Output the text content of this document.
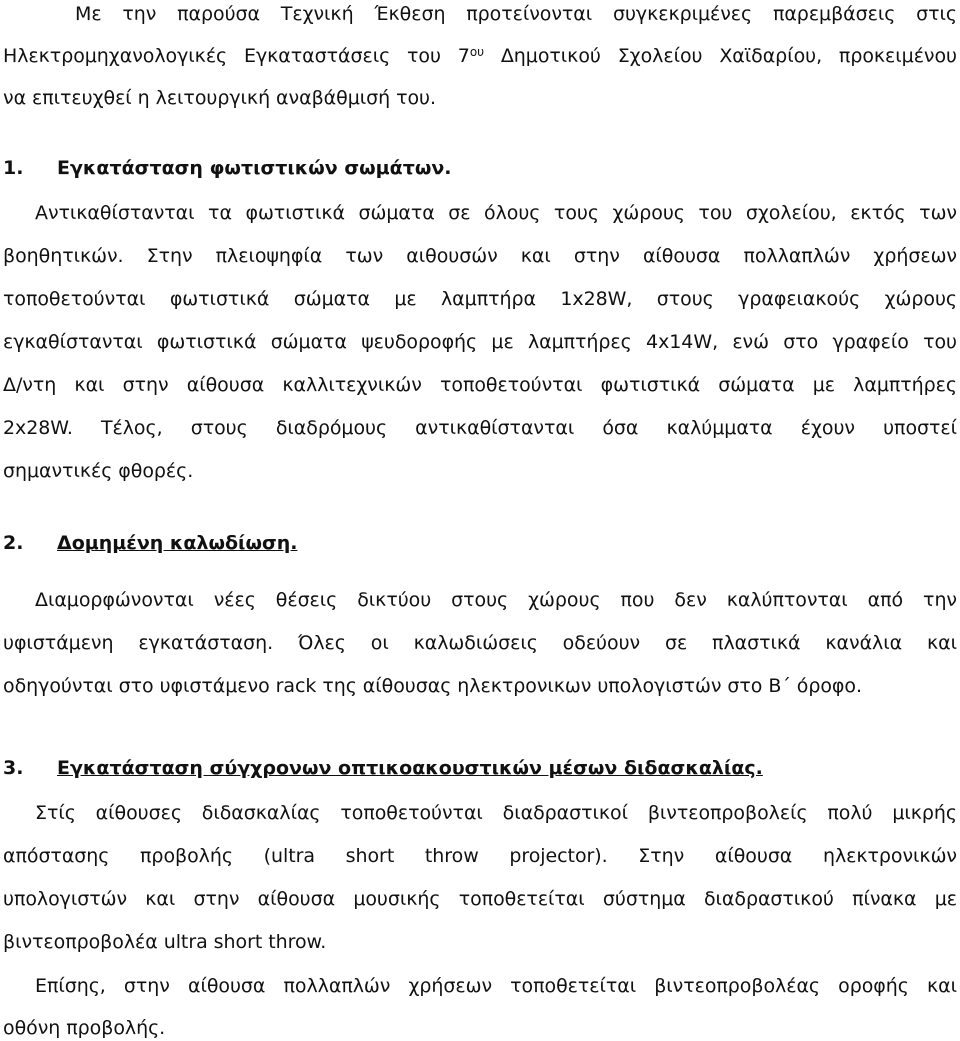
Με την παρούσα Τεχνική Έκθεση προτείνονται συγκεκριμένες παρεμβάσεις στις
Ηλεκτρομηχανολογικές Εγκαταστάσεις του $7^{o\upsilon}$ Δημοτικού Σχολείου Χαϊδαρίου, προκειμένου
να επιτευχθεί η λειτουργική αναβάθμισή του.
1. Εγκατάσταση φωτιστικών σωμάτων.
Αντικαθίστανται τα φωτιστικά σώματα σε όλους τους χώρους του σχολείου, εκτός των
βοηθητικών. Στην πλειοψηφία των αιθουσών και στην αίθουσα πολλαπλών χρήσεων
τοποθετούνται φωτιστικά σώματα με λαμπτήρα 1x28W, στους γραφειακούς χώρους
εγκαθίστανται φωτιστικά σώματα ψευδοροφής με λαμπτήρες 4x14W, ενώ στο γραφείο του
Δ/ντη και στην αίθουσα καλλιτεχνικών τοποθετούνται φωτιστικά σώματα με λαμπτήρες
2x28W. Τέλος, στους διαδρόμους αντικαθίστανται όσα καλύμματα έχουν υποστεί
σημαντικές φθορές.
2. Δομημένη καλωδίωση.
Διαμορφώνονται νέες θέσεις δικτύου στους χώρους που δεν καλύπτονται από την
υφιστάμενη εγκατάσταση. Όλες οι καλωδιώσεις οδεύουν σε πλαστικά κανάλια και
οδηγούνται στο υφιστάμενο rack της αίθουσας ηλεκτρονικων υπολογιστών στο Β΄ όροφο.
3. Εγκατάσταση σύγχρονων οπτικοακουστικών μέσων διδασκαλίας.
Στίς αίθουσες διδασκαλίας τοποθετούνται διαδραστικοί βιντεοπροβολείς πολύ μικρής
απόστασης προβολής (ultra short throw projector). Στην αίθουσα ηλεκτρονικών
υπολογιστών και στην αίθουσα μουσικής τοποθετείται σύστημα διαδραστικού πίνακα με
βιντεοπροβολέα ultra short throw.
Επίσης, στην αίθουσα πολλαπλών χρήσεων τοποθετείται βιντεοπροβολέας οροφής και
οθόνη προβολής.
